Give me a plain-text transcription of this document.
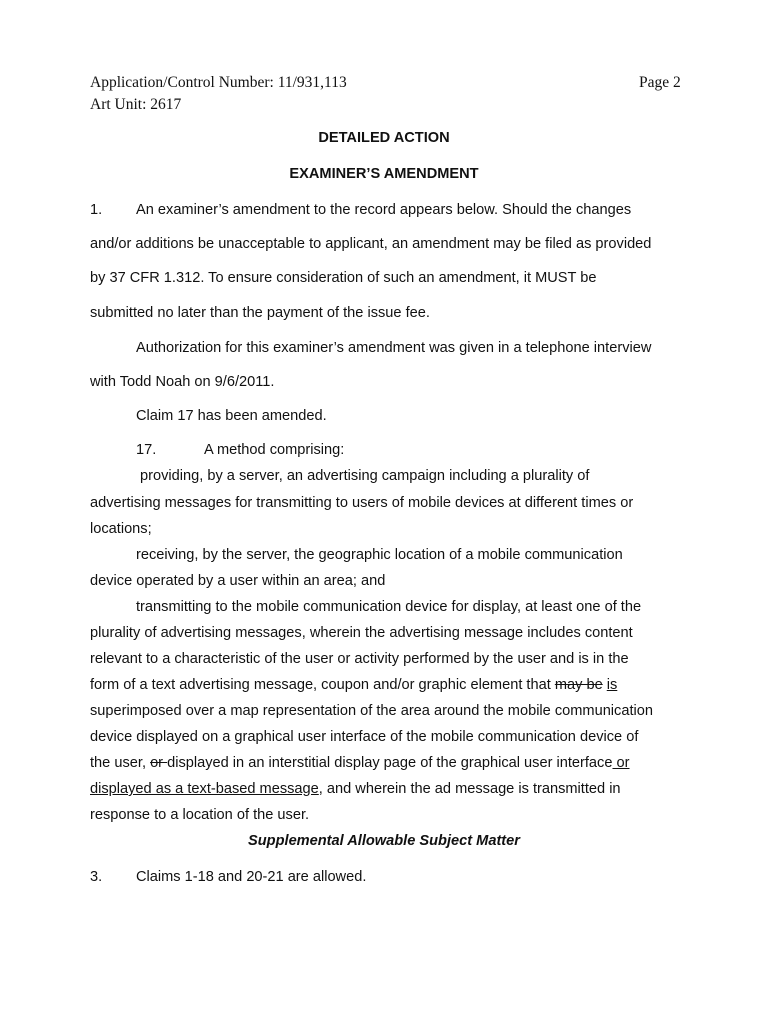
Application/Control Number: 11/931,113
Art Unit: 2617
Page 2
DETAILED ACTION
EXAMINER’S AMENDMENT
1. An examiner’s amendment to the record appears below. Should the changes
and/or additions be unacceptable to applicant, an amendment may be filed as provided
by 37 CFR 1.312. To ensure consideration of such an amendment, it MUST be
submitted no later than the payment of the issue fee.
Authorization for this examiner’s amendment was given in a telephone interview
with Todd Noah on 9/6/2011.
Claim 17 has been amended.
17.	A method comprising:
providing, by a server, an advertising campaign including a plurality of
advertising messages for transmitting to users of mobile devices at different times or
locations;
receiving, by the server, the geographic location of a mobile communication
device operated by a user within an area; and
transmitting to the mobile communication device for display, at least one of the
plurality of advertising messages, wherein the advertising message includes content
relevant to a characteristic of the user or activity performed by the user and is in the
form of a text advertising message, coupon and/or graphic element that may be is
superimposed over a map representation of the area around the mobile communication
device displayed on a graphical user interface of the mobile communication device of
the user, or displayed in an interstitial display page of the graphical user interface or
displayed as a text-based message, and wherein the ad message is transmitted in
response to a location of the user.
Supplemental Allowable Subject Matter
3. Claims 1-18 and 20-21 are allowed.
